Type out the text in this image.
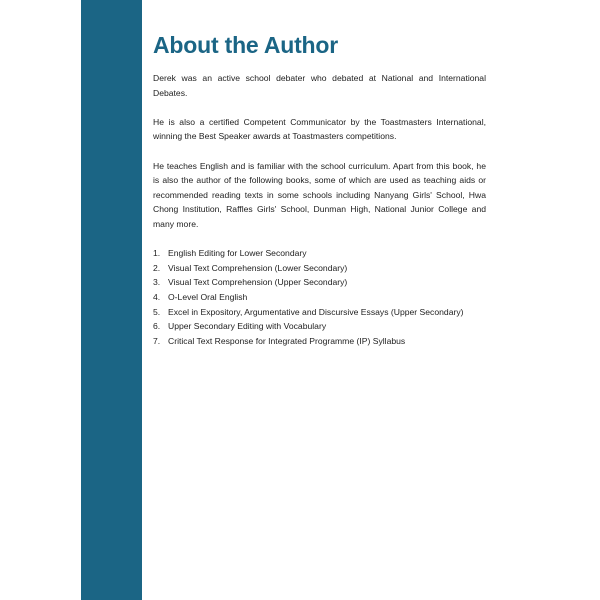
About the Author

Derek was an active school debater who debated at National and International Debates.

He is also a certified Competent Communicator by the Toastmasters International, winning the Best Speaker awards at Toastmasters competitions.

He teaches English and is familiar with the school curriculum. Apart from this book, he is also the author of the following books, some of which are used as teaching aids or recommended reading texts in some schools including Nanyang Girls' School, Hwa Chong Institution, Raffles Girls' School, Dunman High, National Junior College and many more.

1. English Editing for Lower Secondary
2. Visual Text Comprehension (Lower Secondary)
3. Visual Text Comprehension (Upper Secondary)
4. O-Level Oral English
5. Excel in Expository, Argumentative and Discursive Essays (Upper Secondary)
6. Upper Secondary Editing with Vocabulary
7. Critical Text Response for Integrated Programme (IP) Syllabus
